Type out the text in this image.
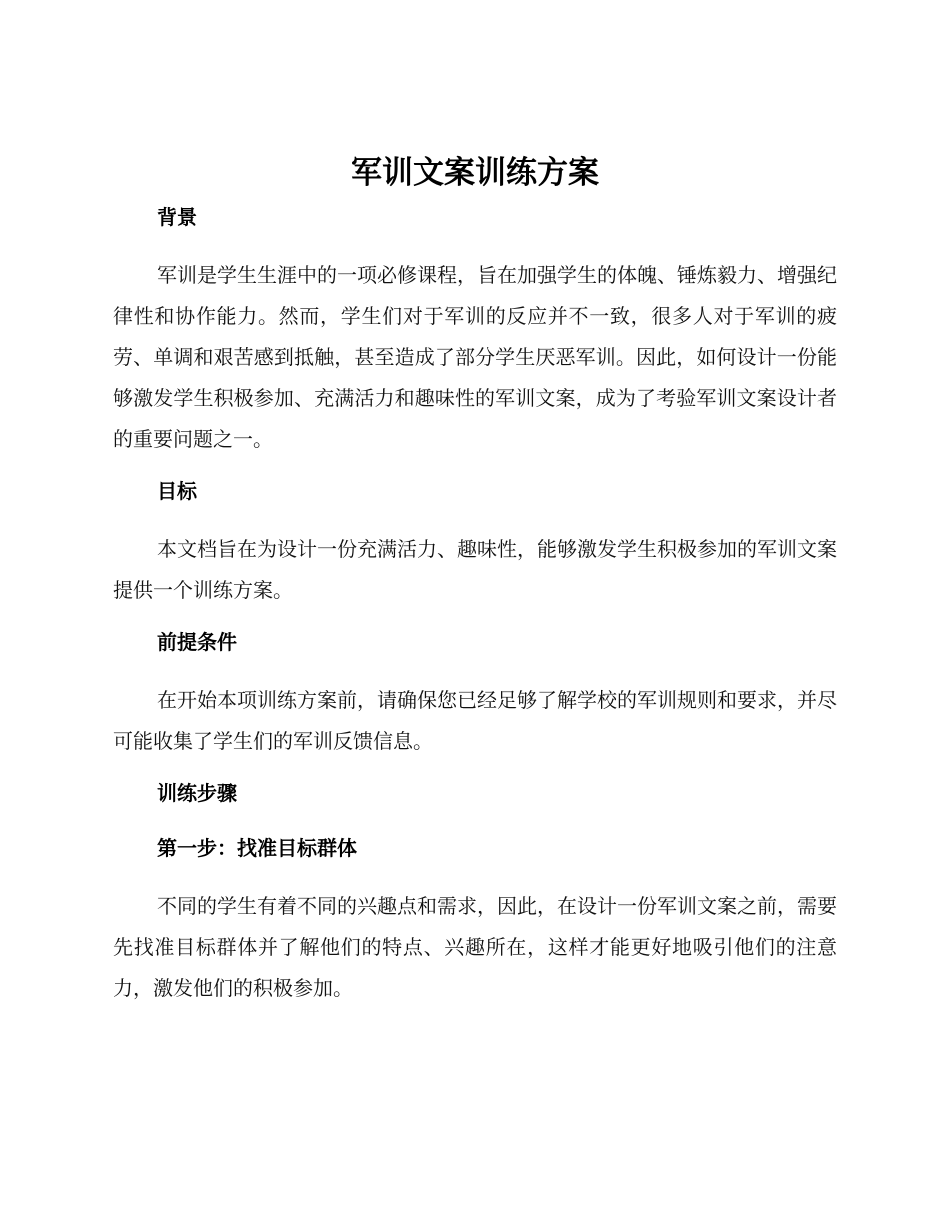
军训文案训练方案
背景

军训是学生生涯中的一项必修课程，旨在加强学生的体魄、锤炼毅力、增强纪律性和协作能力。然而，学生们对于军训的反应并不一致，很多人对于军训的疲劳、单调和艰苦感到抵触，甚至造成了部分学生厌恶军训。因此，如何设计一份能够激发学生积极参加、充满活力和趣味性的军训文案，成为了考验军训文案设计者的重要问题之一。

目标

本文档旨在为设计一份充满活力、趣味性，能够激发学生积极参加的军训文案提供一个训练方案。

前提条件

在开始本项训练方案前，请确保您已经足够了解学校的军训规则和要求，并尽可能收集了学生们的军训反馈信息。

训练步骤
第一步：找准目标群体

不同的学生有着不同的兴趣点和需求，因此，在设计一份军训文案之前，需要先找准目标群体并了解他们的特点、兴趣所在，这样才能更好地吸引他们的注意力，激发他们的积极参加。
